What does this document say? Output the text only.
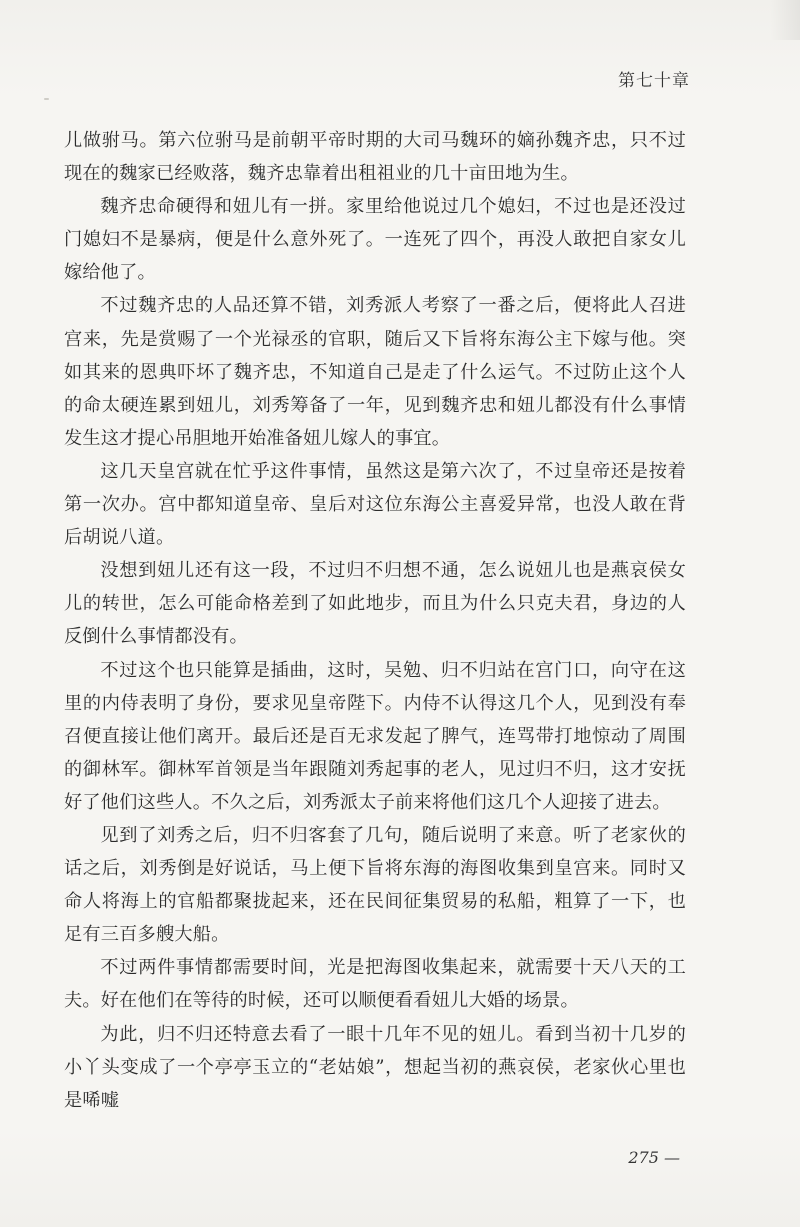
第七十章

儿做驸马。第六位驸马是前朝平帝时期的大司马魏环的嫡孙魏齐忠，只不过现在的魏家已经败落，魏齐忠靠着出租祖业的几十亩田地为生。

魏齐忠命硬得和妞儿有一拼。家里给他说过几个媳妇，不过也是还没过门媳妇不是暴病，便是什么意外死了。一连死了四个，再没人敢把自家女儿嫁给他了。

不过魏齐忠的人品还算不错，刘秀派人考察了一番之后，便将此人召进宫来，先是赏赐了一个光禄丞的官职，随后又下旨将东海公主下嫁与他。突如其来的恩典吓坏了魏齐忠，不知道自己是走了什么运气。不过防止这个人的命太硬连累到妞儿，刘秀筹备了一年，见到魏齐忠和妞儿都没有什么事情发生这才提心吊胆地开始准备妞儿嫁人的事宜。

这几天皇宫就在忙乎这件事情，虽然这是第六次了，不过皇帝还是按着第一次办。宫中都知道皇帝、皇后对这位东海公主喜爱异常，也没人敢在背后胡说八道。

没想到妞儿还有这一段，不过归不归想不通，怎么说妞儿也是燕哀侯女儿的转世，怎么可能命格差到了如此地步，而且为什么只克夫君，身边的人反倒什么事情都没有。

不过这个也只能算是插曲，这时，吴勉、归不归站在宫门口，向守在这里的内侍表明了身份，要求见皇帝陛下。内侍不认得这几个人，见到没有奉召便直接让他们离开。最后还是百无求发起了脾气，连骂带打地惊动了周围的御林军。御林军首领是当年跟随刘秀起事的老人，见过归不归，这才安抚好了他们这些人。不久之后，刘秀派太子前来将他们这几个人迎接了进去。

见到了刘秀之后，归不归客套了几句，随后说明了来意。听了老家伙的话之后，刘秀倒是好说话，马上便下旨将东海的海图收集到皇宫来。同时又命人将海上的官船都聚拢起来，还在民间征集贸易的私船，粗算了一下，也足有三百多艘大船。

不过两件事情都需要时间，光是把海图收集起来，就需要十天八天的工夫。好在他们在等待的时候，还可以顺便看看妞儿大婚的场景。

为此，归不归还特意去看了一眼十几年不见的妞儿。看到当初十几岁的小丫头变成了一个亭亭玉立的“老姑娘”，想起当初的燕哀侯，老家伙心里也是唏嘘

275 —
